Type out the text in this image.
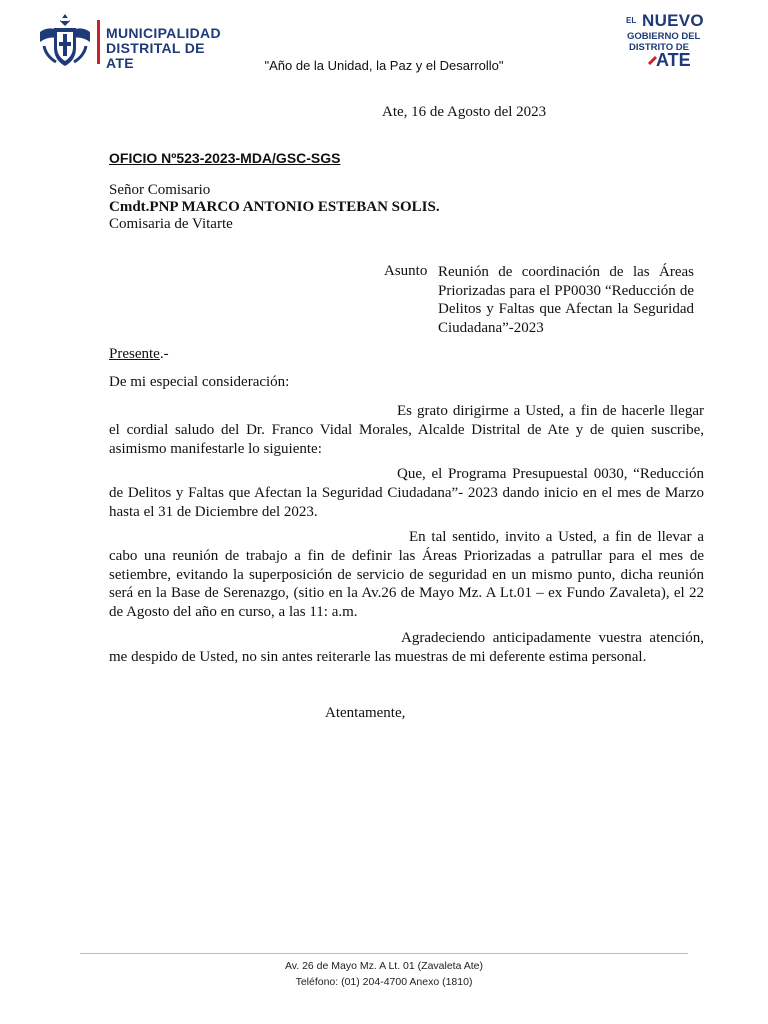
MUNICIPALIDAD
DISTRITAL DE ATE
EL NUEVO
GOBIERNO DEL
DISTRITO DE
ATE
"Año de la Unidad, la Paz y el Desarrollo"
Ate, 16 de Agosto del 2023
OFICIO Nº523-2023-MDA/GSC-SGS
Señor Comisario
Cmdt.PNP MARCO ANTONIO ESTEBAN SOLIS.
Comisaria de Vitarte
Asunto Reunión de coordinación de las Áreas Priorizadas para el PP0030 “Reducción de Delitos y Faltas que Afectan la Seguridad Ciudadana”-2023
Presente.-
De mi especial consideración:
Es grato dirigirme a Usted, a fin de hacerle llegar el cordial saludo del Dr. Franco Vidal Morales, Alcalde Distrital de Ate y de quien suscribe, asimismo manifestarle lo siguiente:
Que, el Programa Presupuestal 0030, “Reducción de Delitos y Faltas que Afectan la Seguridad Ciudadana”- 2023 dando inicio en el mes de Marzo hasta el 31 de Diciembre del 2023.
En tal sentido, invito a Usted, a fin de llevar a cabo una reunión de trabajo a fin de definir las Áreas Priorizadas a patrullar para el mes de setiembre, evitando la superposición de servicio de seguridad en un mismo punto, dicha reunión será en la Base de Serenazgo, (sitio en la Av.26 de Mayo Mz. A Lt.01 – ex Fundo Zavaleta), el 22 de Agosto del año en curso, a las 11: a.m.
Agradeciendo anticipadamente vuestra atención, me despido de Usted, no sin antes reiterarle las muestras de mi deferente estima personal.
Atentamente,
Av. 26 de Mayo Mz. A Lt. 01 (Zavaleta Ate)
Teléfono: (01) 204-4700 Anexo (1810)
